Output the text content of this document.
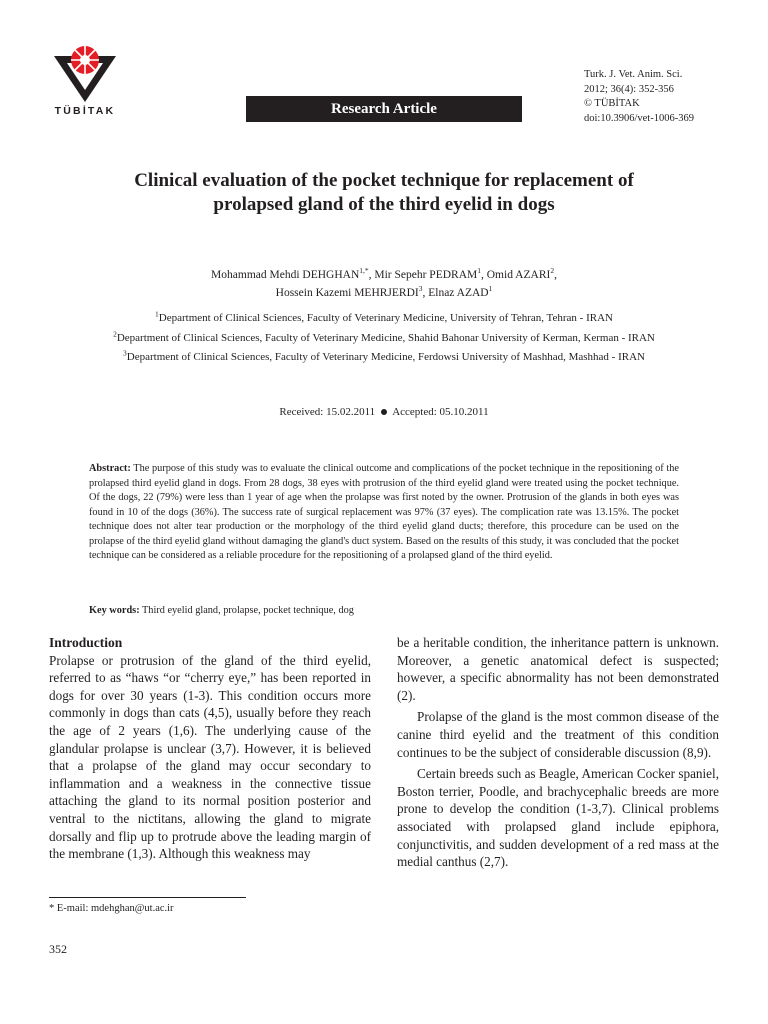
TÜBİTAK	Research Article
Turk. J. Vet. Anim. Sci.
2012; 36(4): 352-356
© TÜBİTAK
doi:10.3906/vet-1006-369
Clinical evaluation of the pocket technique for replacement of
prolapsed gland of the third eyelid in dogs
Mohammad Mehdi $DEHGHAN^{1,*}$, Mir Sepehr PEDRAM$^1$, Omid AZARI$^2$,
Hossein Kazemi MEHRJERDI$^3$, Elnaz AZAD$^1$
$^1$Department of Clinical Sciences, Faculty of Veterinary Medicine, University of Tehran, Tehran - IRAN
$^2$Department of Clinical Sciences, Faculty of Veterinary Medicine, Shahid Bahonar University of Kerman, Kerman - IRAN
$^3$Department of Clinical Sciences, Faculty of Veterinary Medicine, Ferdowsi University of Mashhad, Mashhad - IRAN
Received: 15.02.2011 Accepted: 05.10.2011
Abstract: The purpose of this study was to evaluate the clinical outcome and complications of the pocket technique in the repositioning of the prolapsed third eyelid gland in dogs. From 28 dogs, 38 eyes with protrusion of the third eyelid gland were treated using the pocket technique. Of the dogs, 22 (79%) were less than 1 year of age when the prolapse was first noted by the owner. Protrusion of the glands in both eyes was found in 10 of the dogs (36%). The success rate of surgical replacement was 97% (37 eyes). The complication rate was 13.15%. The pocket technique does not alter tear production or the morphology of the third eyelid gland ducts; therefore, this procedure can be used on the prolapse of the third eyelid gland without damaging the gland's duct system. Based on the results of this study, it was concluded that the pocket technique can be considered as a reliable procedure for the repositioning of a prolapsed gland of the third eyelid.
Key words: Third eyelid gland, prolapse, pocket technique, dog

Introduction

Prolapse or protrusion of the gland of the third eyelid, referred to as “haws “or “cherry eye,” has been reported in dogs for over 30 years (1-3). This condition occurs more commonly in dogs than cats (4,5), usually before they reach the age of 2 years (1,6). The underlying cause of the glandular prolapse is unclear (3,7). However, it is believed that a prolapse of the gland may occur secondary to inflammation and a weakness in the connective tissue attaching the gland to its normal position posterior and ventral to the nictitans, allowing the gland to migrate dorsally and flip up to protrude above the leading margin of the membrane (1,3). Although this weakness may

be a heritable condition, the inheritance pattern is unknown. Moreover, a genetic anatomical defect is suspected; however, a specific abnormality has not been demonstrated (2).

Prolapse of the gland is the most common disease of the canine third eyelid and the treatment of this condition continues to be the subject of considerable discussion (8,9).

Certain breeds such as Beagle, American Cocker spaniel, Boston terrier, Poodle, and brachycephalic breeds are more prone to develop the condition (1-3,7). Clinical problems associated with prolapsed gland include epiphora, conjunctivitis, and sudden development of a red mass at the medial canthus (2,7).

* E-mail: mdehghan@ut.ac.ir
352
